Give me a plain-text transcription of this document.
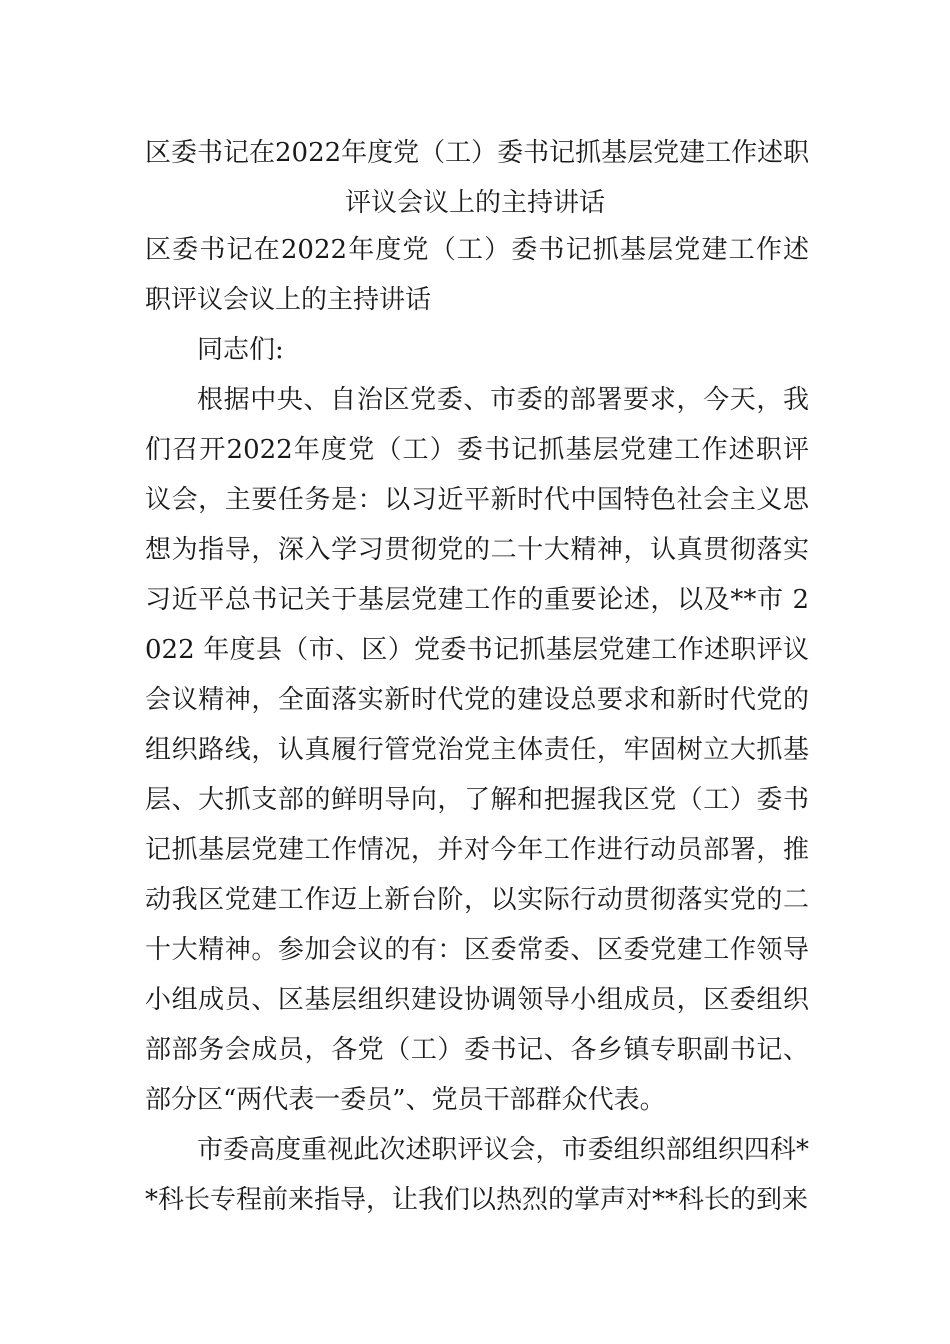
区委书记在2022年度党（工）委书记抓基层党建工作述职
评议会议上的主持讲话

区委书记在2022年度党（工）委书记抓基层党建工作述职评议会议上的主持讲话

同志们:

根据中央、自治区党委、市委的部署要求，今天，我们召开2022年度党（工）委书记抓基层党建工作述职评议会，主要任务是：以习近平新时代中国特色社会主义思想为指导，深入学习贯彻党的二十大精神，认真贯彻落实习近平总书记关于基层党建工作的重要论述，以及**市 2022 年度县（市、区）党委书记抓基层党建工作述职评议会议精神，全面落实新时代党的建设总要求和新时代党的组织路线，认真履行管党治党主体责任，牢固树立大抓基层、大抓支部的鲜明导向，了解和把握我区党（工）委书记抓基层党建工作情况，并对今年工作进行动员部署，推动我区党建工作迈上新台阶，以实际行动贯彻落实党的二十大精神。参加会议的有：区委常委、区委党建工作领导小组成员、区基层组织建设协调领导小组成员，区委组织部部务会成员，各党（工）委书记、各乡镇专职副书记、部分区“两代表一委员”、党员干部群众代表。

市委高度重视此次述职评议会，市委组织部组织四科**科长专程前来指导，让我们以热烈的掌声对**科长的到来
